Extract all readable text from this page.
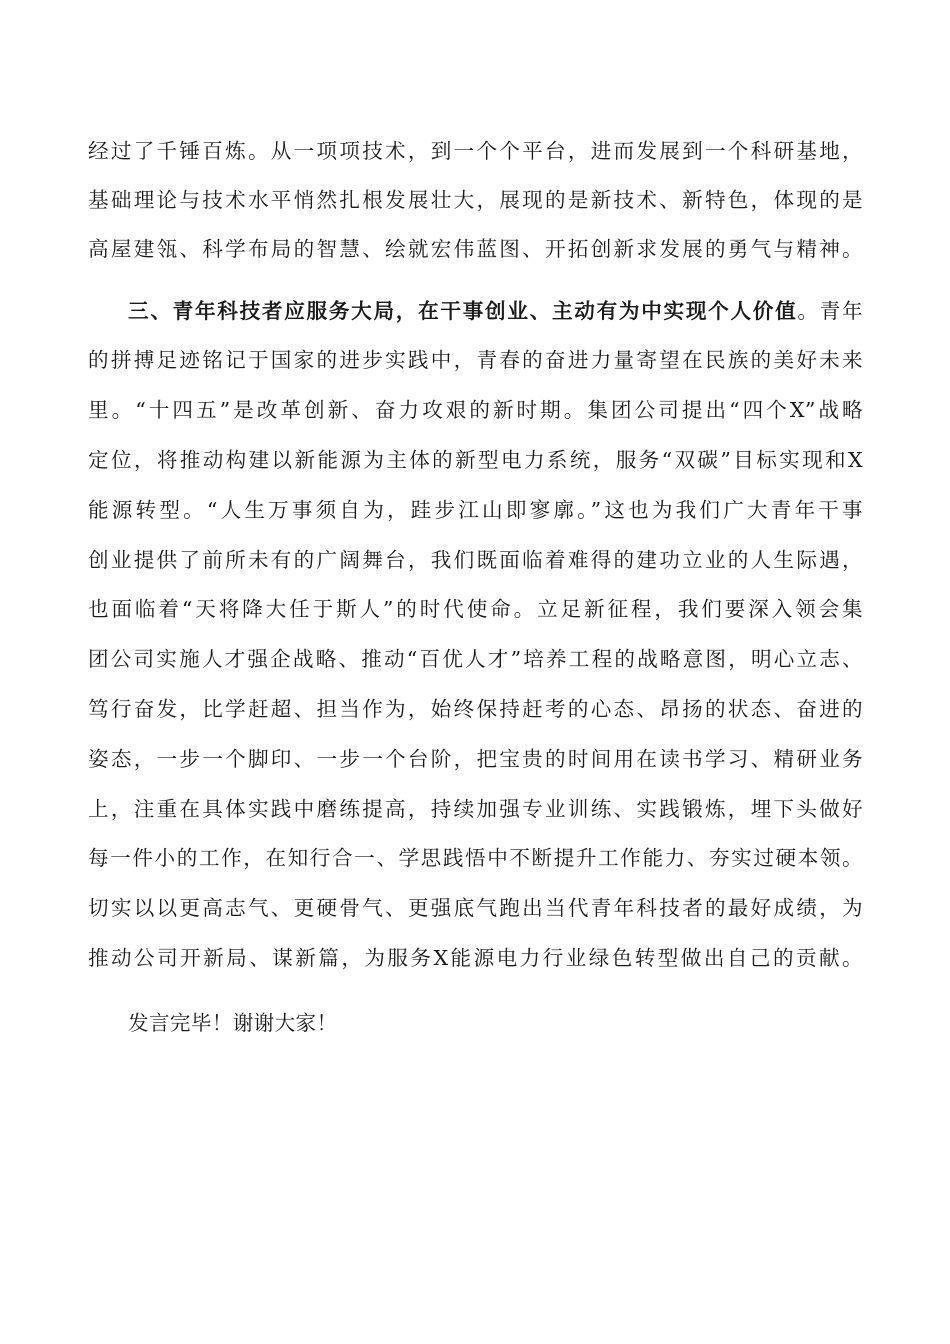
经过了千锤百炼。从一项项技术，到一个个平台，进而发展到一个科研基地，
基础理论与技术水平悄然扎根发展壮大，展现的是新技术、新特色，体现的是
高屋建瓴、科学布局的智慧、绘就宏伟蓝图、开拓创新求发展的勇气与精神。
三、青年科技者应服务大局，在干事创业、主动有为中实现个人价值。青年
的拼搏足迹铭记于国家的进步实践中，青春的奋进力量寄望在民族的美好未来
里。“十四五”是改革创新、奋力攻艰的新时期。集团公司提出“四个X”战略
定位，将推动构建以新能源为主体的新型电力系统，服务“双碳”目标实现和X
能源转型。“人生万事须自为，跬步江山即寥廓。”这也为我们广大青年干事
创业提供了前所未有的广阔舞台，我们既面临着难得的建功立业的人生际遇，
也面临着“天将降大任于斯人”的时代使命。立足新征程，我们要深入领会集
团公司实施人才强企战略、推动“百优人才”培养工程的战略意图，明心立志、
笃行奋发，比学赶超、担当作为，始终保持赶考的心态、昂扬的状态、奋进的
姿态，一步一个脚印、一步一个台阶，把宝贵的时间用在读书学习、精研业务
上，注重在具体实践中磨练提高，持续加强专业训练、实践锻炼，埋下头做好
每一件小的工作，在知行合一、学思践悟中不断提升工作能力、夯实过硬本领。
切实以以更高志气、更硬骨气、更强底气跑出当代青年科技者的最好成绩，为
推动公司开新局、谋新篇，为服务X能源电力行业绿色转型做出自己的贡献。
发言完毕！谢谢大家！
